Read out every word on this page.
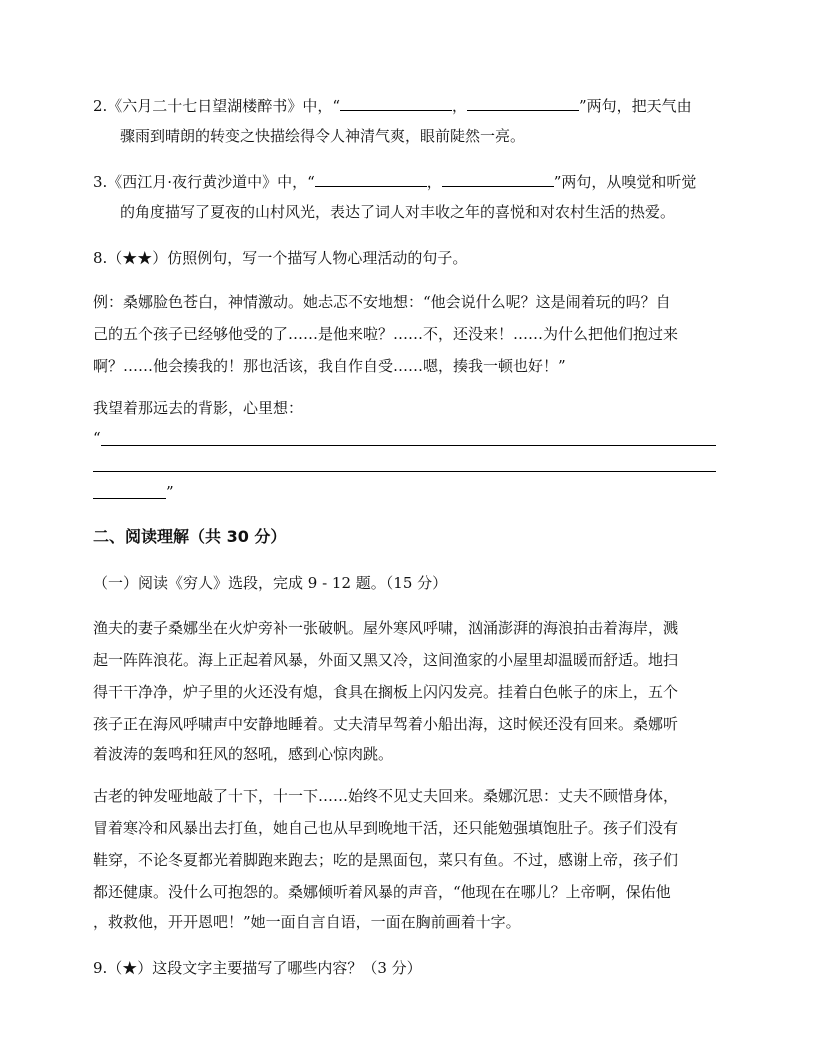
2.《六月二十七日望湖楼醉书》中，“	，	”两句，把天气由
骤雨到晴朗的转变之快描绘得令人神清气爽，眼前陡然一亮。
3.《西江月·夜行黄沙道中》中，“	，	”两句，从嗅觉和听觉
的角度描写了夏夜的山村风光，表达了词人对丰收之年的喜悦和对农村生活的热爱。
8.（★★）仿照例句，写一个描写人物心理活动的句子。
例：桑娜脸色苍白，神情激动。她忐忑不安地想：“他会说什么呢？这是闹着玩的吗？自
己的五个孩子已经够他受的了……是他来啦？……不，还没来！……为什么把他们抱过来
啊？……他会揍我的！那也活该，我自作自受……嗯，揍我一顿也好！”
我望着那远去的背影，心里想：
“
”
二、阅读理解（共 30 分）
（一）阅读《穷人》选段，完成 9 - 12 题。（15 分）
渔夫的妻子桑娜坐在火炉旁补一张破帆。屋外寒风呼啸，汹涌澎湃的海浪拍击着海岸，溅
起一阵阵浪花。海上正起着风暴，外面又黑又冷，这间渔家的小屋里却温暖而舒适。地扫
得干干净净，炉子里的火还没有熄，食具在搁板上闪闪发亮。挂着白色帐子的床上，五个
孩子正在海风呼啸声中安静地睡着。丈夫清早驾着小船出海，这时候还没有回来。桑娜听
着波涛的轰鸣和狂风的怒吼，感到心惊肉跳。
古老的钟发哑地敲了十下，十一下……始终不见丈夫回来。桑娜沉思：丈夫不顾惜身体，
冒着寒冷和风暴出去打鱼，她自己也从早到晚地干活，还只能勉强填饱肚子。孩子们没有
鞋穿，不论冬夏都光着脚跑来跑去；吃的是黑面包，菜只有鱼。不过，感谢上帝，孩子们
都还健康。没什么可抱怨的。桑娜倾听着风暴的声音，“他现在在哪儿？上帝啊，保佑他
，救救他，开开恩吧！”她一面自言自语，一面在胸前画着十字。
9.（★）这段文字主要描写了哪些内容？（3 分）
